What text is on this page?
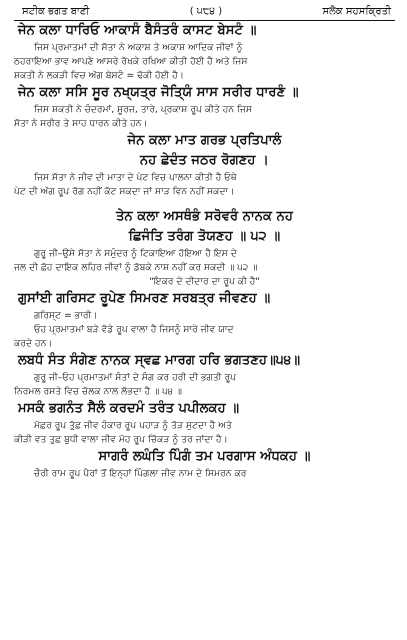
ਸਟੀਕ ਭਗਤ ਬਾਣੀ	( ੫੮੪ )	ਸਲੋਕ ਸਹਸਕ੍ਰਿਤੀ
ਜੇਨ ਕਲਾ ਧਾਰਿਓ ਆਕਾਸੰ ਬੈਸੰਤਰੰ ਕਾਸਟ ਬੇਸਟੰ ॥
ਜਿਸ ਪ੍ਰਮਾਤਮਾਂ ਦੀ ਸੱਤਾ ਨੇ ਅਕਾਸ਼ ਤੇ ਅਕਾਸ਼ ਆਦਿਕ ਜੀਵਾਂ ਨੂੰ
ਠਹਰਾਇਆ ਭਾਵ ਆਪਣੇ ਆਸਰੇ ਰੱਖਕੇ ਰਖਿਆ ਕੀਤੀ ਹੋਈ ਹੈ ਅਤੇ ਜਿਸ
ਸ਼ਕਤੀ ਨੇ ਲਕੜੀ ਵਿਚ ਅੱਗ ਬੇਸਟੰ = ਢੱਕੀ ਹੋਈ ਹੈ।
ਜੇਨ ਕਲਾ ਸਸਿ ਸੂਰ ਨਖ੍ਯਤ੍ਰ ਜੋਤ੍ਯਿੰ ਸਾਸ ਸਰੀਰ ਧਾਰਣੰ ॥
ਜਿਸ ਸ਼ਕਤੀ ਨੇ ਚੰਦਰਮਾਂ, ਸੂਰਜ, ਤਾਰੇ, ਪ੍ਰਕਾਸ਼ ਰੂਪ ਕੀਤੇ ਹਨ ਜਿਸ
ਸੱਤਾ ਨੇ ਸਰੀਰ ਤੇ ਸਾਹ ਧਾਰਨ ਕੀਤੇ ਹਨ।
ਜੇਨ ਕਲਾ ਮਾਤ ਗਰਭ ਪ੍ਰਤਿਪਾਲੰ
ਨਹ ਛੇਦੰਤ ਜਠਰ ਰੋਗਣਹ ।
ਜਿਸ ਸੱਤਾ ਨੇ ਜੀਵ ਦੀ ਮਾਤਾ ਦੇ ਪੇਟ ਵਿਚ ਪਾਲਨਾ ਕੀਤੀ ਹੈ ਓਥੇ
ਪੇਟ ਦੀ ਅੱਗ ਰੂਪ ਰੋਗ ਨਹੀਂ ਕੱਟ ਸਕਦਾ ਜਾਂ ਸਾੜ ਵਿਨ ਨਹੀਂ ਸਕਦਾ।
ਤੇਨ ਕਲਾ ਅਸਥੰਭੰ ਸਰੋਵਰੰ ਨਾਨਕ ਨਹ
ਛਿਜੰਤਿ ਤਰੰਗ ਤੋਯਣਹ ॥ ੫੨ ॥
ਗੁਰੂ ਜੀ–ਉਸੇ ਸੱਤਾ ਨੇ ਸਮੁੰਦਰ ਨੂੰ ਟਿਕਾਇਆ ਹੋਇਆ ਹੈ ਇਸ ਦੇ
ਜਲ ਦੀ ਛੋਹ ਦਾਇਕ ਲਹਿਰ ਜੀਵਾਂ ਨੂੰ ਡੋਬਕੇ ਨਾਸ਼ ਨਹੀਂ ਕਰ ਸਕਦੀ ॥ ੫੨ ॥
"ਇਕਰ ਦੇ ਦੀਦਾਰ ਦਾ ਰੂਪ ਕੀ ਹੈ"
ਗੁਸਾਂਈ ਗਰਿਸਟ ਰੂਪੇਣ ਸਿਮਰਣ ਸਰਬਤ੍ਰ ਜੀਵਣਹ ॥
ਗਰਿਸ੍ਟ = ਭਾਰੀ।
ਓਹ ਪ੍ਰਮਾਤਮਾਂ ਬੜੇ ਵੱਡੇ ਰੂਪ ਵਾਲਾ ਹੈ ਜਿਸਨੂੰ ਸਾਰੇ ਜੀਵ ਯਾਦ
ਕਰਦੇ ਹਨ।
ਲਬਧੰ ਸੰਤ ਸੰਗੇਣ ਨਾਨਕ ਸ੍ਵਛ ਮਾਰਗ ਹਰਿ ਭਗਤਣਹ॥੫੪॥
ਗੁਰੂ ਜੀ–ਓਹ ਪ੍ਰਮਾਤਮਾਂ ਸੰਤਾਂ ਦੇ ਸੰਗ ਕਰ ਹਰੀ ਦੀ ਭਗਤੀ ਰੂਪ
ਨਿਰਮਲ ਰਸਤੇ ਵਿਚ ਚੱਲਕ ਨਾਲ ਲੱਭਦਾ ਹੈ ॥ ੫੪ ॥
ਮਸਕੰ ਭਗਨੰਤ ਸੈਲੰ ਕਰਦਮੰ ਤਰੰਤ ਪਪੀਲਕਹ ॥
ਮੱਛਰ ਰੂਪ ਤੁੱਛ ਜੀਵ ਹੰਕਾਰ ਰੂਪ ਪਹਾੜ ਨੂੰ ਤੋੜ ਸੁਟਦਾ ਹੈ ਅਤੇ
ਕੀੜੀ ਵਤ ਤੁਛ ਬੁਧੀ ਵਾਲਾ ਜੀਵ ਮੋਹ ਰੂਪ ਚਿੱਕੜ ਨੂੰ ਤਰ ਜਾਂਦਾ ਹੈ।
ਸਾਗਰੰ ਲਘੰਤਿ ਪਿੰਗੰ ਤਮ ਪਰਗਾਸ ਅੰਧਕਹ ॥
ਚੌਰੀ ਰਾਮ ਰੂਪ ਪੈਰਾਂ ਤੋਂ ਇਨ੍ਹਾਂ ਪਿੰਗਲਾ ਜੀਵ ਨਾਮ ਦੇ ਸਿਮਰਨ ਕਰ
